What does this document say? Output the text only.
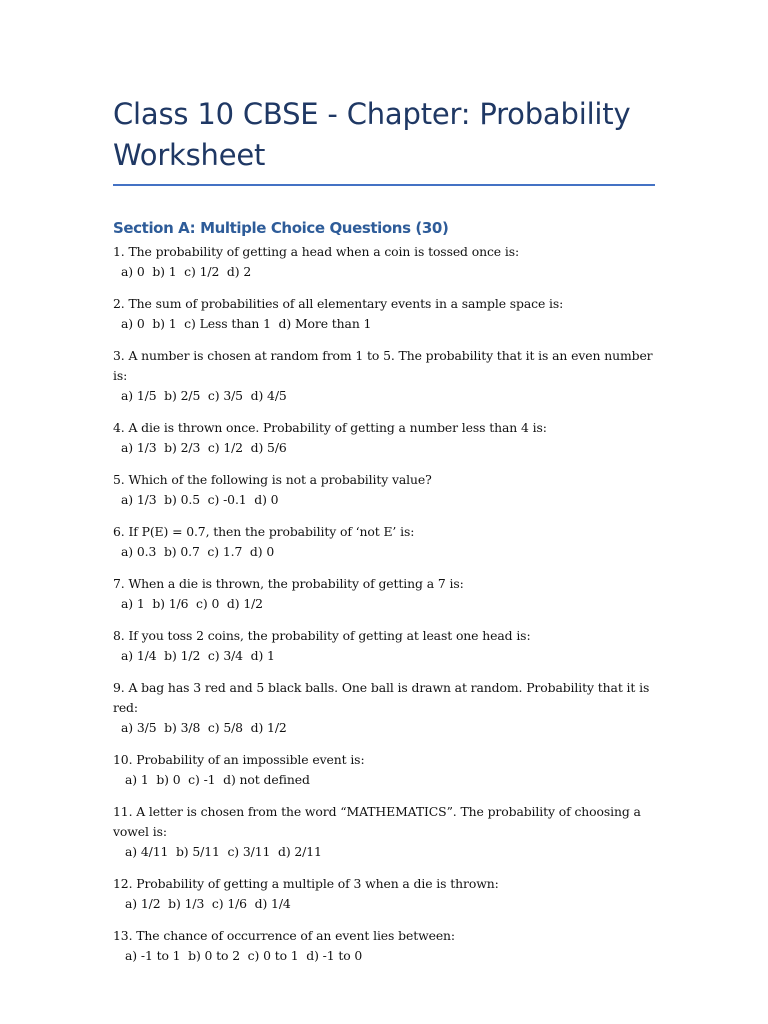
Class 10 CBSE - Chapter: Probability Worksheet
Section A: Multiple Choice Questions (30)
1. The probability of getting a head when a coin is tossed once is:
a) 0  b) 1  c) 1/2  d) 2
2. The sum of probabilities of all elementary events in a sample space is:
a) 0  b) 1  c) Less than 1  d) More than 1
3. A number is chosen at random from 1 to 5. The probability that it is an even number is:
a) 1/5  b) 2/5  c) 3/5  d) 4/5
4. A die is thrown once. Probability of getting a number less than 4 is:
a) 1/3  b) 2/3  c) 1/2  d) 5/6
5. Which of the following is not a probability value?
a) 1/3  b) 0.5  c) -0.1  d) 0
6. If P(E) = 0.7, then the probability of ‘not E’ is:
a) 0.3  b) 0.7  c) 1.7  d) 0
7. When a die is thrown, the probability of getting a 7 is:
a) 1  b) 1/6  c) 0  d) 1/2
8. If you toss 2 coins, the probability of getting at least one head is:
a) 1/4  b) 1/2  c) 3/4  d) 1
9. A bag has 3 red and 5 black balls. One ball is drawn at random. Probability that it is red:
a) 3/5  b) 3/8  c) 5/8  d) 1/2
10. Probability of an impossible event is:
a) 1  b) 0  c) -1  d) not defined
11. A letter is chosen from the word “MATHEMATICS”. The probability of choosing a vowel is:
a) 4/11  b) 5/11  c) 3/11  d) 2/11
12. Probability of getting a multiple of 3 when a die is thrown:
a) 1/2  b) 1/3  c) 1/6  d) 1/4
13. The chance of occurrence of an event lies between:
a) -1 to 1  b) 0 to 2  c) 0 to 1  d) -1 to 0
